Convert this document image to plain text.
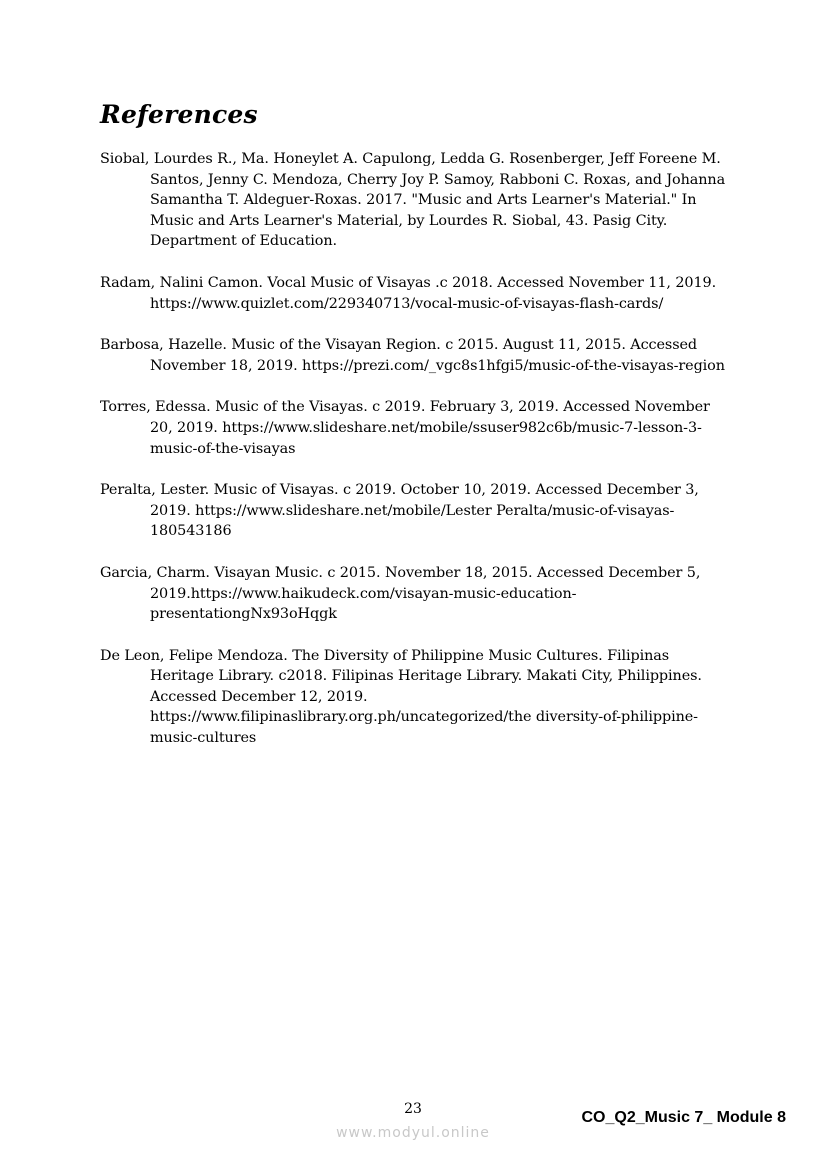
References
Siobal, Lourdes R., Ma. Honeylet A. Capulong, Ledda G. Rosenberger, Jeff Foreene M. Santos, Jenny C. Mendoza, Cherry Joy P. Samoy, Rabboni C. Roxas, and Johanna Samantha T. Aldeguer-Roxas. 2017. "Music and Arts Learner's Material." In Music and Arts Learner's Material, by Lourdes R. Siobal, 43. Pasig City. Department of Education.
Radam, Nalini Camon. Vocal Music of Visayas .c 2018. Accessed November 11, 2019. https://www.quizlet.com/229340713/vocal-music-of-visayas-flash-cards/
Barbosa, Hazelle. Music of the Visayan Region. c 2015. August 11, 2015. Accessed November 18, 2019. https://prezi.com/_vgc8s1hfgi5/music-of-the-visayas-region
Torres, Edessa. Music of the Visayas. c 2019. February 3, 2019. Accessed November 20, 2019. https://www.slideshare.net/mobile/ssuser982c6b/music-7-lesson-3-music-of-the-visayas
Peralta, Lester. Music of Visayas. c 2019. October 10, 2019. Accessed December 3, 2019. https://www.slideshare.net/mobile/Lester Peralta/music-of-visayas-180543186
Garcia, Charm. Visayan Music. c 2015. November 18, 2015. Accessed December 5, 2019.https://www.haikudeck.com/visayan-music-education-presentationgNx93oHqgk
De Leon, Felipe Mendoza. The Diversity of Philippine Music Cultures. Filipinas Heritage Library. c2018. Filipinas Heritage Library. Makati City, Philippines. Accessed December 12, 2019. https://www.filipinaslibrary.org.ph/uncategorized/the diversity-of-philippine-music-cultures
23	CO_Q2_Music 7_ Module 8
www.modyul.online
